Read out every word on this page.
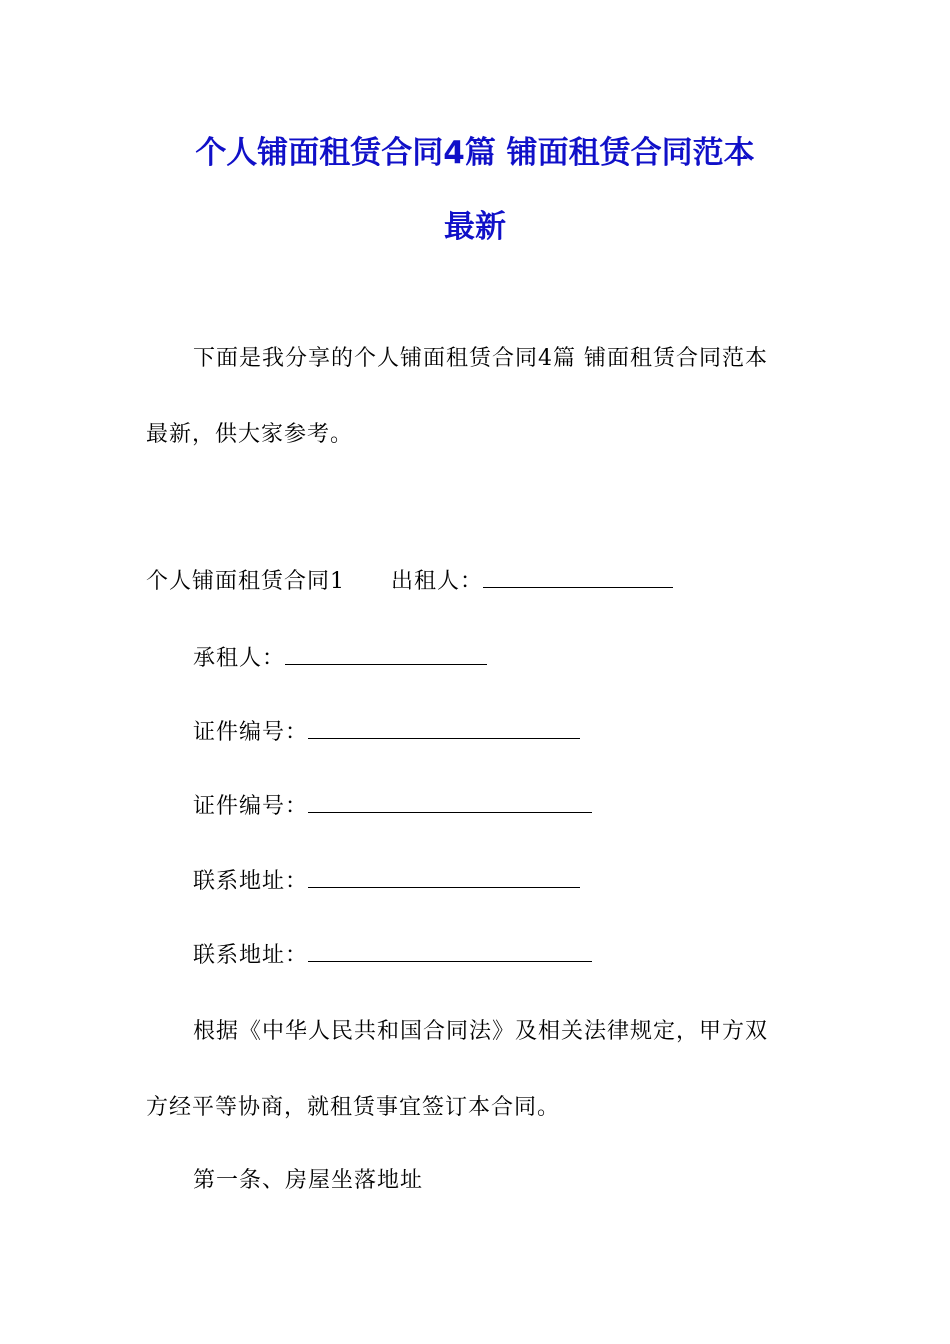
个人铺面租赁合同4篇 铺面租赁合同范本
最新
下面是我分享的个人铺面租赁合同4篇 铺面租赁合同范本
最新，供大家参考。
个人铺面租赁合同1 出租人：
承租人：
证件编号：
证件编号：
联系地址：
联系地址：
根据《中华人民共和国合同法》及相关法律规定，甲方双
方经平等协商，就租赁事宜签订本合同。
第一条、房屋坐落地址
